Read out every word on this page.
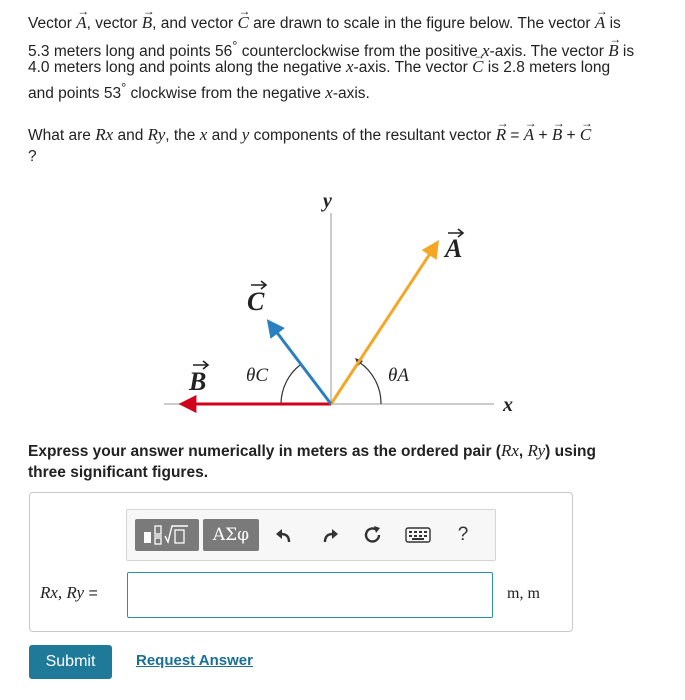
Vector → A, vector → B, and vector → C are drawn to scale in the figure below. The vector → A is
5.3 meters long and points 56° counterclockwise from the positive x-axis. The vector → B is
4.0 meters long and points along the negative x-axis. The vector → C is 2.8 meters long
and points 53° clockwise from the negative x-axis.
What are Rx and Ry, the x and y components of the resultant vector → R = → A + → B + → C
?
y
x
A
C
B θC	θA
Express your answer numerically in meters as the ordered pair (Rx, Ry) using
three significant figures.
ΑΣφ	?
Rx, Ry =	m, m
Submit	Request Answer
